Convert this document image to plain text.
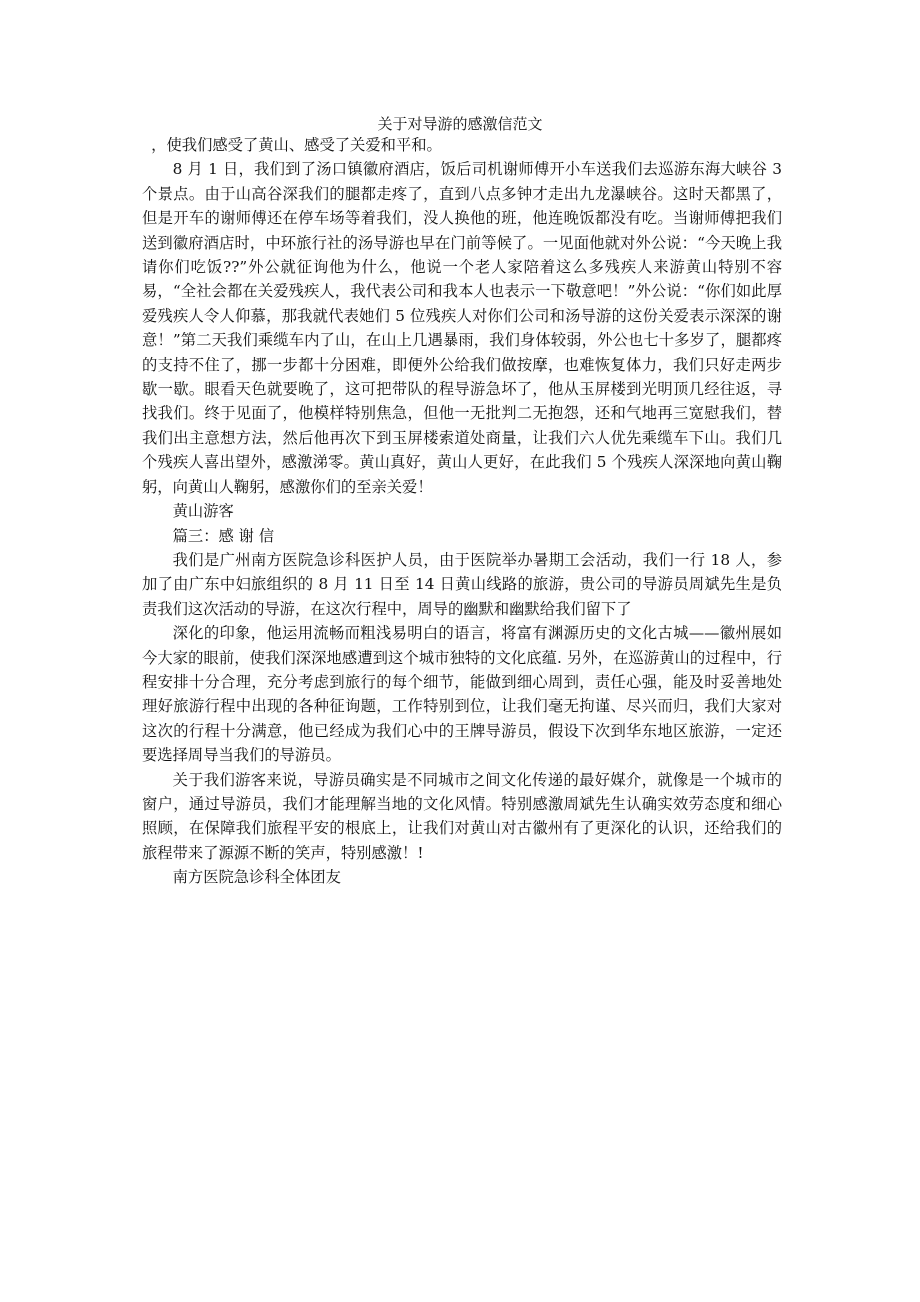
关于对导游的感激信范文

，使我们感受了黄山、感受了关爱和平和。

8 月 1 日，我们到了汤口镇徽府酒店，饭后司机谢师傅开小车送我们去巡游东海大峡谷 3 个景点。由于山高谷深我们的腿都走疼了，直到八点多钟才走出九龙瀑峡谷。这时天都黑了，但是开车的谢师傅还在停车场等着我们，没人换他的班，他连晚饭都没有吃。当谢师傅把我们送到徽府酒店时，中环旅行社的汤导游也早在门前等候了。一见面他就对外公说：“今天晚上我请你们吃饭??”外公就征询他为什么，他说一个老人家陪着这么多残疾人来游黄山特别不容易，“全社会都在关爱残疾人，我代表公司和我本人也表示一下敬意吧！”外公说：“你们如此厚爱残疾人令人仰慕，那我就代表她们 5 位残疾人对你们公司和汤导游的这份关爱表示深深的谢意！”第二天我们乘缆车内了山，在山上几遇暴雨，我们身体较弱，外公也七十多岁了，腿都疼的支持不住了，挪一步都十分困难，即便外公给我们做按摩，也难恢复体力，我们只好走两步歇一歇。眼看天色就要晚了，这可把带队的程导游急坏了，他从玉屏楼到光明顶几经往返，寻找我们。终于见面了，他模样特别焦急，但他一无批判二无抱怨，还和气地再三宽慰我们，替我们出主意想方法，然后他再次下到玉屏楼索道处商量，让我们六人优先乘缆车下山。我们几个残疾人喜出望外，感激涕零。黄山真好，黄山人更好，在此我们 5 个残疾人深深地向黄山鞠躬，向黄山人鞠躬，感激你们的至亲关爱！

黄山游客

篇三：感 谢 信

我们是广州南方医院急诊科医护人员，由于医院举办暑期工会活动，我们一行 18 人，参加了由广东中妇旅组织的 8 月 11 日至 14 日黄山线路的旅游，贵公司的导游员周斌先生是负责我们这次活动的导游，在这次行程中，周导的幽默和幽默给我们留下了

深化的印象，他运用流畅而粗浅易明白的语言，将富有渊源历史的文化古城——徽州展如今大家的眼前，使我们深深地感遭到这个城市独特的文化底蕴. 另外，在巡游黄山的过程中，行程安排十分合理，充分考虑到旅行的每个细节，能做到细心周到，责任心强，能及时妥善地处理好旅游行程中出现的各种征询题，工作特别到位，让我们毫无拘谨、尽兴而归，我们大家对这次的行程十分满意，他已经成为我们心中的王牌导游员，假设下次到华东地区旅游，一定还要选择周导当我们的导游员。

关于我们游客来说，导游员确实是不同城市之间文化传递的最好媒介，就像是一个城市的窗户，通过导游员，我们才能理解当地的文化风情。特别感激周斌先生认确实效劳态度和细心照顾，在保障我们旅程平安的根底上，让我们对黄山对古徽州有了更深化的认识，还给我们的旅程带来了源源不断的笑声，特别感激！!

南方医院急诊科全体团友
